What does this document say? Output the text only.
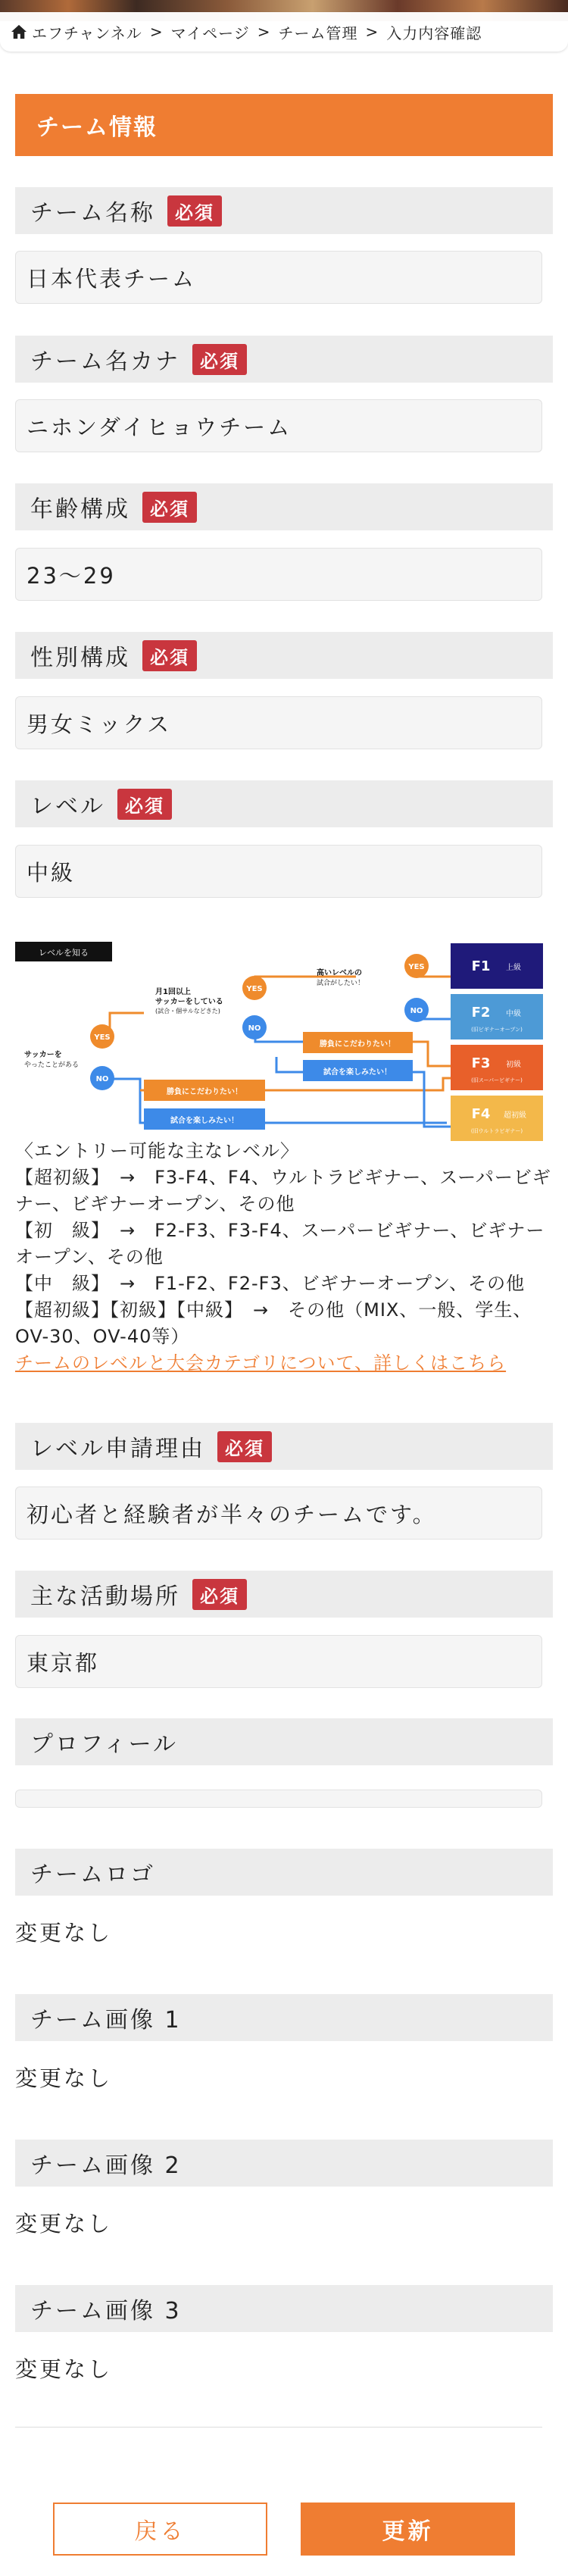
エフチャンネル > マイページ > チーム管理 > 入力内容確認
チーム情報
チーム名称	必須
日本代表チーム
チーム名カナ	必須
ニホンダイヒョウチーム
年齢構成	必須
23〜29
性別構成	必須
男女ミックス
レベル	必須
中級
レベルを知る
サッカーを
やったことがある
YES
NO
月1回以上
サッカーをしている
(試合・個サルなどきた)
YES
NO
高いレベルの
試合がしたい！
YES
NO
勝負にこだわりたい！
試合を楽しみたい！
勝負にこだわりたい！
試合を楽しみたい！
F1 上級
F2 中級
(旧ビギナーオープン)
F3 初級
(旧スーパービギナー)
F4 超初級
(旧ウルトラビギナー)
〈エントリー可能な主なレベル〉
【超初級】　→　F3-F4、F4、ウルトラビギナー、スーパービギナー、ビギナーオープン、その他
【初　級】　→　F2-F3、F3-F4、スーパービギナー、ビギナーオープン、その他
【中　級】　→　F1-F2、F2-F3、ビギナーオープン、その他
【超初級】【初級】【中級】　→　その他（MIX、一般、学生、OV-30、OV-40等）
チームのレベルと大会カテゴリについて、詳しくはこちら
レベル申請理由	必須
初心者と経験者が半々のチームです。
主な活動場所	必須
東京都
プロフィール
チームロゴ
変更なし
チーム画像 1
変更なし
チーム画像 2
変更なし
チーム画像 3
変更なし
戻る	更新
